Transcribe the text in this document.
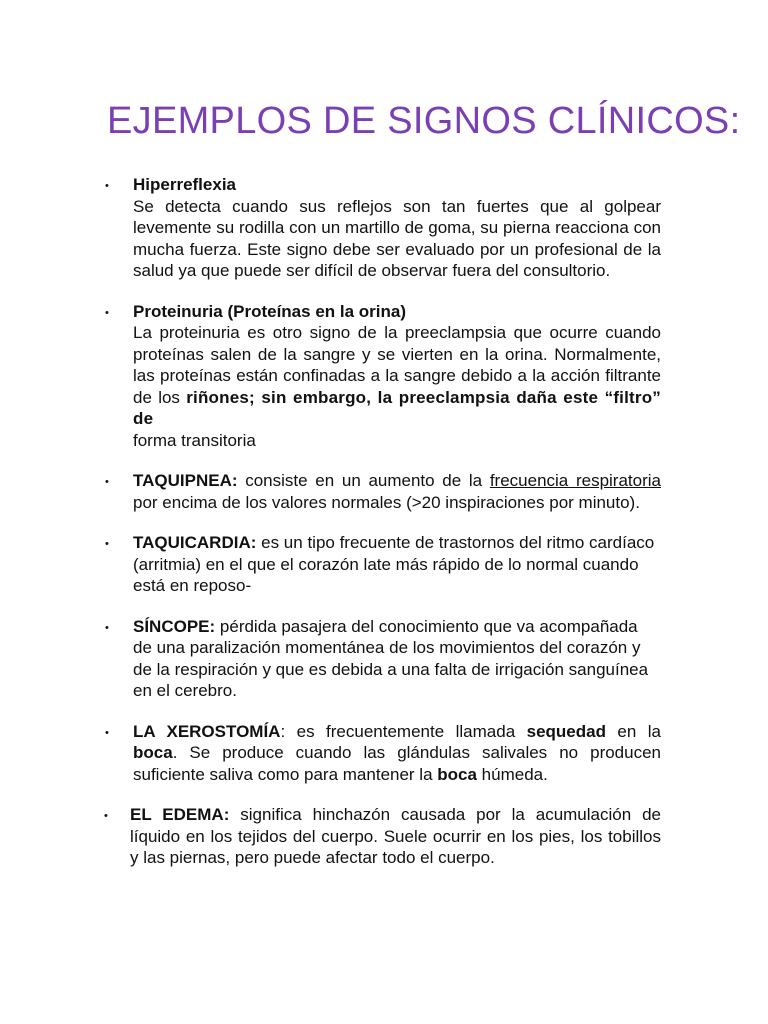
EJEMPLOS DE SIGNOS CLÍNICOS:
• Hiperreflexia
Se detecta cuando sus reflejos son tan fuertes que al golpear levemente su rodilla con un martillo de goma, su pierna reacciona con mucha fuerza. Este signo debe ser evaluado por un profesional de la salud ya que puede ser difícil de observar fuera del consultorio.
• Proteinuria (Proteínas en la orina)
La proteinuria es otro signo de la preeclampsia que ocurre cuando proteínas salen de la sangre y se vierten en la orina. Normalmente, las proteínas están confinadas a la sangre debido a la acción filtrante de los riñones; sin embargo, la preeclampsia daña este “filtro” de
forma transitoria
• TAQUIPNEA: consiste en un aumento de la frecuencia respiratoria por encima de los valores normales (>20 inspiraciones por minuto).
• TAQUICARDIA: es un tipo frecuente de trastornos del ritmo cardíaco (arritmia) en el que el corazón late más rápido de lo normal cuando está en reposo-
• SÍNCOPE: pérdida pasajera del conocimiento que va acompañada de una paralización momentánea de los movimientos del corazón y de la respiración y que es debida a una falta de irrigación sanguínea en el cerebro.
• LA XEROSTOMÍA: es frecuentemente llamada sequedad en la boca. Se produce cuando las glándulas salivales no producen suficiente saliva como para mantener la boca húmeda.
• EL EDEMA: significa hinchazón causada por la acumulación de líquido en los tejidos del cuerpo. Suele ocurrir en los pies, los tobillos y las piernas, pero puede afectar todo el cuerpo.
